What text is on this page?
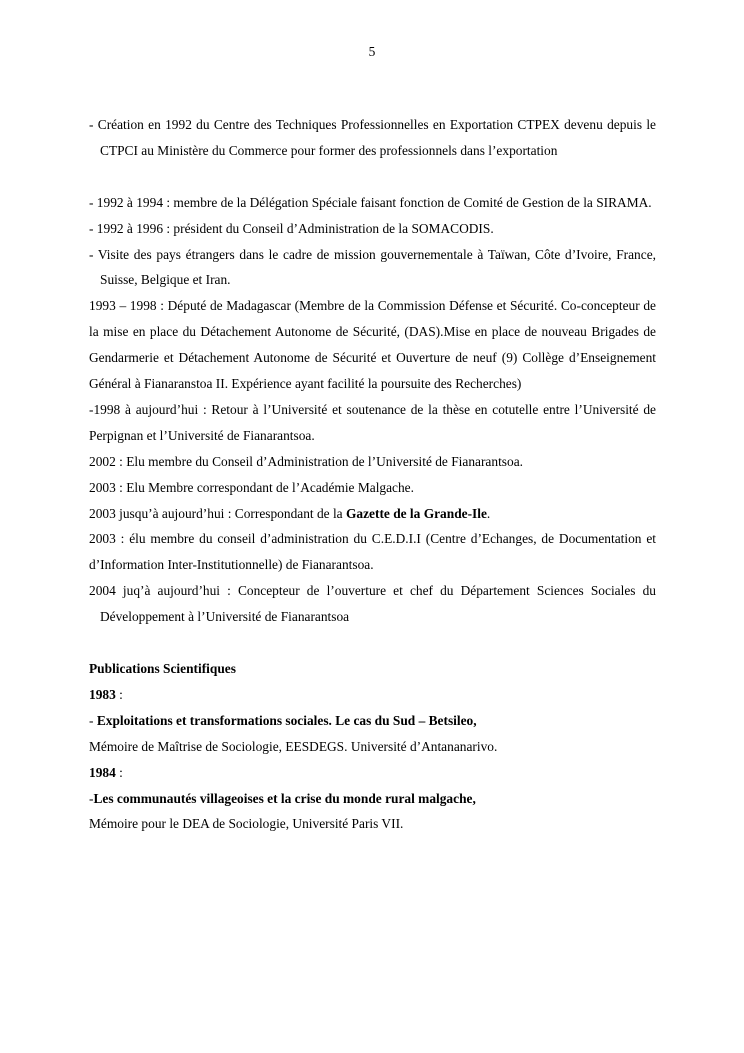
5

- Création en 1992 du Centre des Techniques Professionnelles en Exportation CTPEX devenu depuis le CTPCI au Ministère du Commerce pour former des professionnels dans l’exportation

- 1992 à 1994 : membre de la Délégation Spéciale faisant fonction de Comité de Gestion de la SIRAMA.

- 1992 à 1996 : président du Conseil d’Administration de la SOMACODIS.

- Visite des pays étrangers dans le cadre de mission gouvernementale à Taïwan, Côte d’Ivoire, France, Suisse, Belgique et Iran.

1993 – 1998 : Député de Madagascar (Membre de la Commission Défense et Sécurité. Co-concepteur de la mise en place du Détachement Autonome de Sécurité, (DAS).Mise en place de nouveau Brigades de Gendarmerie et Détachement Autonome de Sécurité et Ouverture de neuf (9) Collège d’Enseignement Général à Fianaranstoa II. Expérience ayant facilité la poursuite des Recherches)

-1998 à aujourd’hui : Retour à l’Université et soutenance de la thèse en cotutelle entre l’Université de Perpignan et l’Université de Fianarantsoa.

2002 : Elu membre du Conseil d’Administration de l’Université de Fianarantsoa.

2003 : Elu Membre correspondant de l’Académie Malgache.

2003 jusqu’à aujourd’hui : Correspondant de la Gazette de la Grande-Ile.

2003 : élu membre du conseil d’administration du C.E.D.I.I (Centre d’Echanges, de Documentation et d’Information Inter-Institutionnelle) de Fianarantsoa.

2004 juq’à aujourd’hui : Concepteur de l’ouverture et chef du Département Sciences Sociales du Développement à l’Université de Fianarantsoa

Publications Scientifiques

1983 :

- Exploitations et transformations sociales. Le cas du Sud – Betsileo,

Mémoire de Maîtrise de Sociologie, EESDEGS. Université d’Antananarivo.

1984 :

-Les communautés villageoises et la crise du monde rural malgache,

Mémoire pour le DEA de Sociologie, Université Paris VII.
